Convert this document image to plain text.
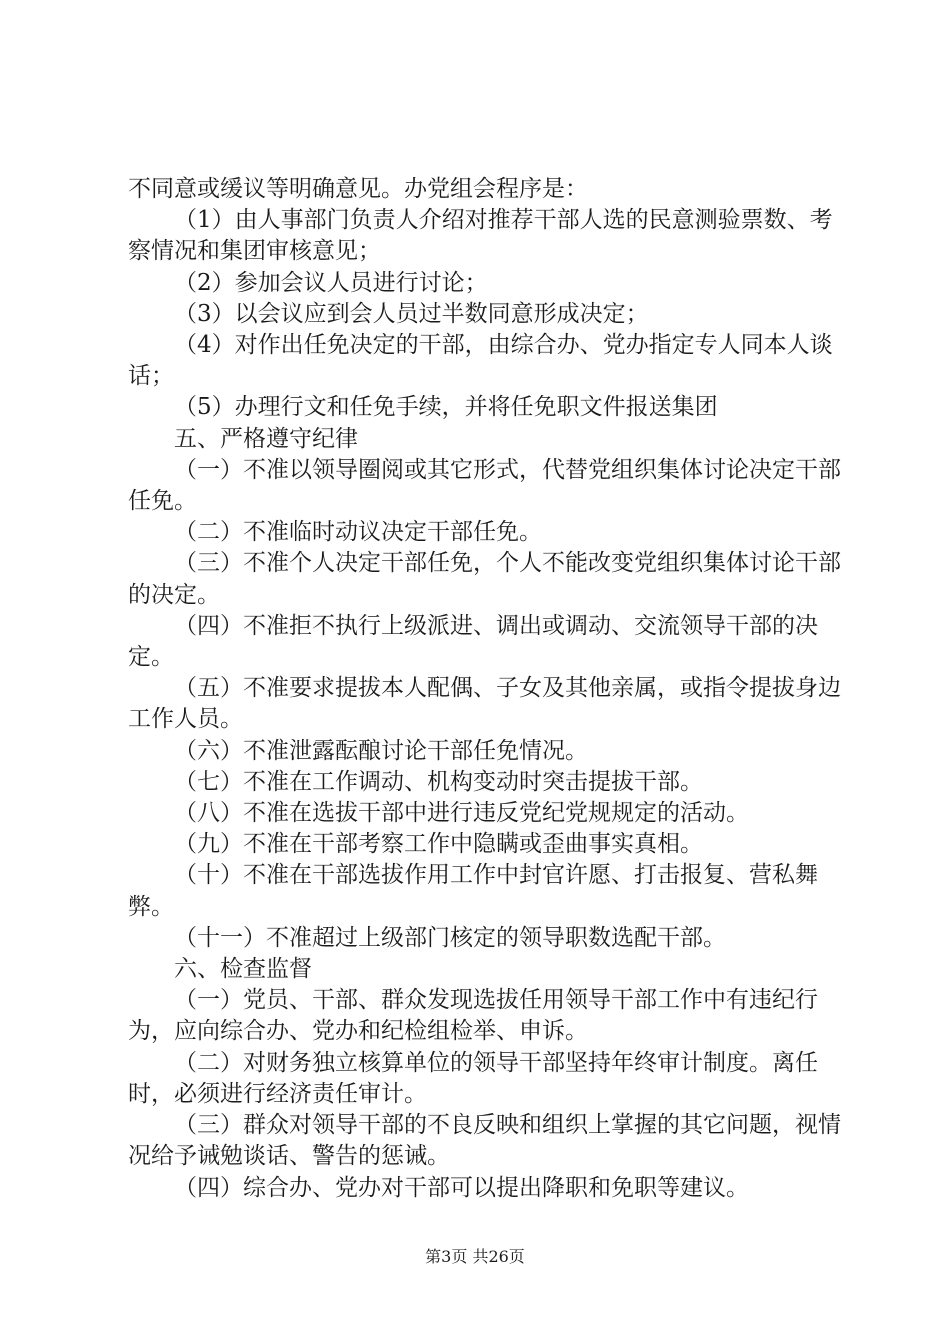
不同意或缓议等明确意见。办党组会程序是：

（1）由人事部门负责人介绍对推荐干部人选的民意测验票数、考察情况和集团审核意见；

（2）参加会议人员进行讨论；

（3）以会议应到会人员过半数同意形成决定；

（4）对作出任免决定的干部，由综合办、党办指定专人同本人谈话；

（5）办理行文和任免手续，并将任免职文件报送集团

五、严格遵守纪律

（一）不准以领导圈阅或其它形式，代替党组织集体讨论决定干部任免。

（二）不准临时动议决定干部任免。

（三）不准个人决定干部任免，个人不能改变党组织集体讨论干部的决定。

（四）不准拒不执行上级派进、调出或调动、交流领导干部的决定。

（五）不准要求提拔本人配偶、子女及其他亲属，或指令提拔身边工作人员。

（六）不准泄露酝酿讨论干部任免情况。

（七）不准在工作调动、机构变动时突击提拔干部。

（八）不准在选拔干部中进行违反党纪党规规定的活动。

（九）不准在干部考察工作中隐瞒或歪曲事实真相。

（十）不准在干部选拔作用工作中封官许愿、打击报复、营私舞弊。

（十一）不准超过上级部门核定的领导职数选配干部。

六、检查监督

（一）党员、干部、群众发现选拔任用领导干部工作中有违纪行为，应向综合办、党办和纪检组检举、申诉。

（二）对财务独立核算单位的领导干部坚持年终审计制度。离任时，必须进行经济责任审计。

（三）群众对领导干部的不良反映和组织上掌握的其它问题，视情况给予诫勉谈话、警告的惩诫。

（四）综合办、党办对干部可以提出降职和免职等建议。

第3页 共26页
